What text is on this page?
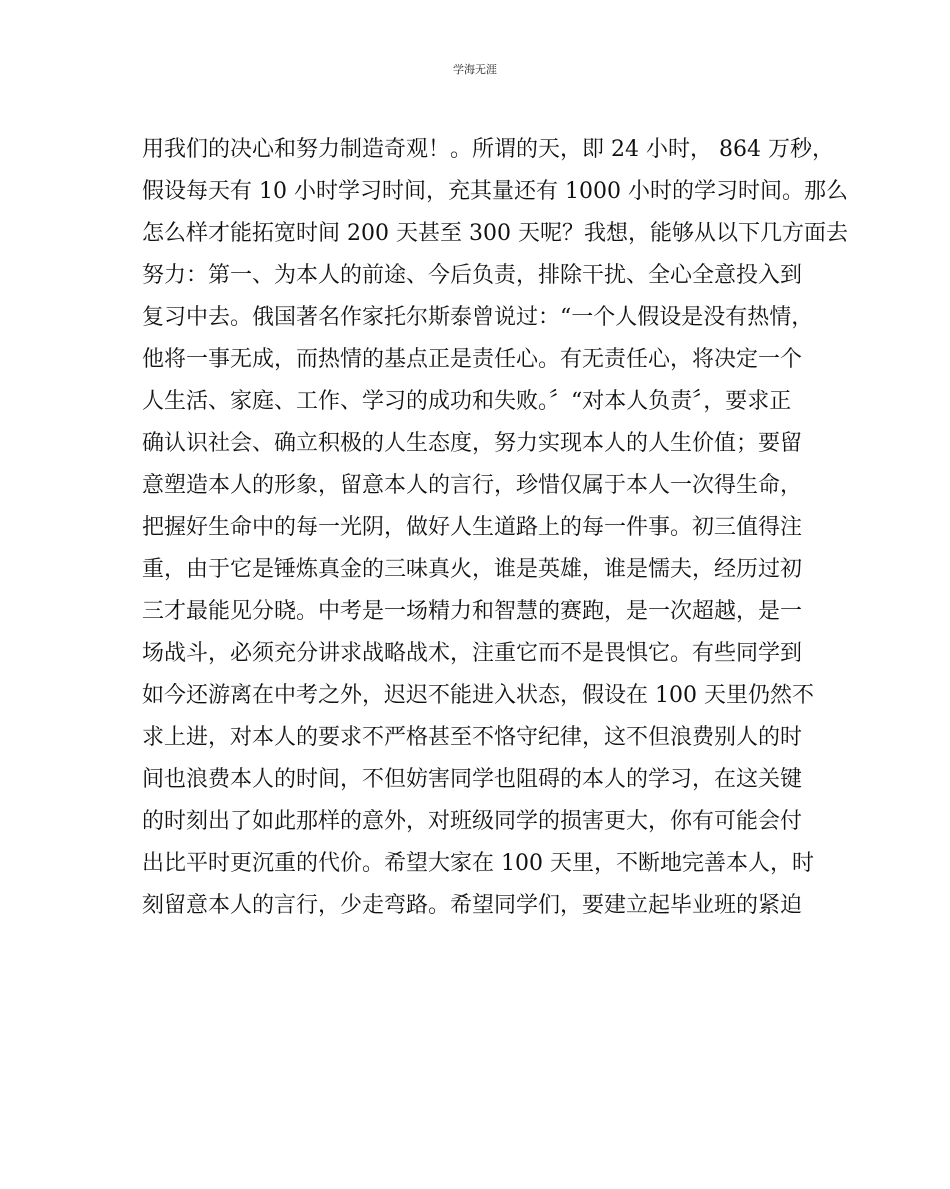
学海无涯
用我们的决心和努力制造奇观！。所谓的天，即 24 小时， 864 万秒，
假设每天有 10 小时学习时间，充其量还有 1000 小时的学习时间。那么
怎么样才能拓宽时间 200 天甚至 300 天呢？我想，能够从以下几方面去
努力：第一、为本人的前途、今后负责，排除干扰、全心全意投入到
复习中去。俄国著名作家托尔斯泰曾说过：“一个人假设是没有热情，
他将一事无成，而热情的基点正是责任心。有无责任心，将决定一个
人生活、家庭、工作、学习的成功和失败。〞“对本人负责〞，要求正
确认识社会、确立积极的人生态度，努力实现本人的人生价值；要留
意塑造本人的形象，留意本人的言行，珍惜仅属于本人一次得生命，
把握好生命中的每一光阴，做好人生道路上的每一件事。初三值得注
重，由于它是锤炼真金的三味真火，谁是英雄，谁是懦夫，经历过初
三才最能见分晓。中考是一场精力和智慧的赛跑，是一次超越，是一
场战斗，必须充分讲求战略战术，注重它而不是畏惧它。有些同学到
如今还游离在中考之外，迟迟不能进入状态，假设在 100 天里仍然不
求上进，对本人的要求不严格甚至不恪守纪律，这不但浪费别人的时
间也浪费本人的时间，不但妨害同学也阻碍的本人的学习，在这关键
的时刻出了如此那样的意外，对班级同学的损害更大，你有可能会付
出比平时更沉重的代价。希望大家在 100 天里，不断地完善本人，时
刻留意本人的言行，少走弯路。希望同学们，要建立起毕业班的紧迫
